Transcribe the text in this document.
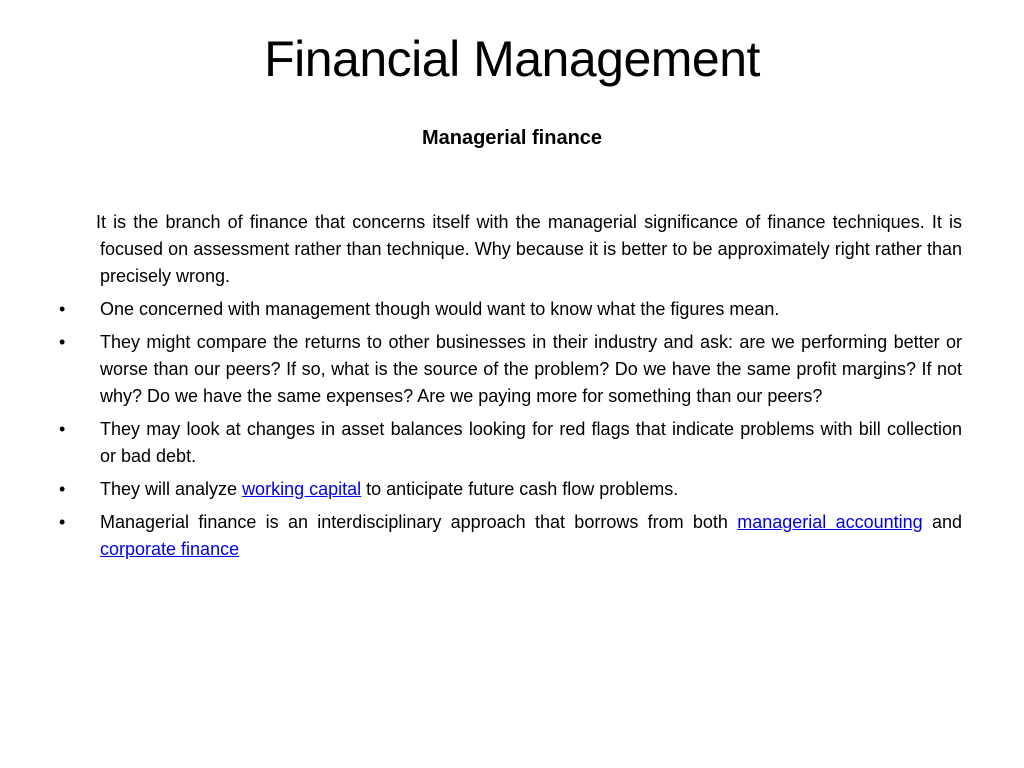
Financial Management
Managerial finance
It is the branch of finance that concerns itself with the managerial significance of finance techniques. It is focused on assessment rather than technique. Why because it is better to be approximately right rather than precisely wrong.
•	One concerned with management though would want to know what the figures mean.
•	They might compare the returns to other businesses in their industry and ask: are we performing better or worse than our peers? If so, what is the source of the problem? Do we have the same profit margins? If not why? Do we have the same expenses? Are we paying more for something than our peers?
•	They may look at changes in asset balances looking for red flags that indicate problems with bill collection or bad debt.
•	They will analyze working capital to anticipate future cash flow problems.
•	Managerial finance is an interdisciplinary approach that borrows from both managerial accounting and corporate finance
